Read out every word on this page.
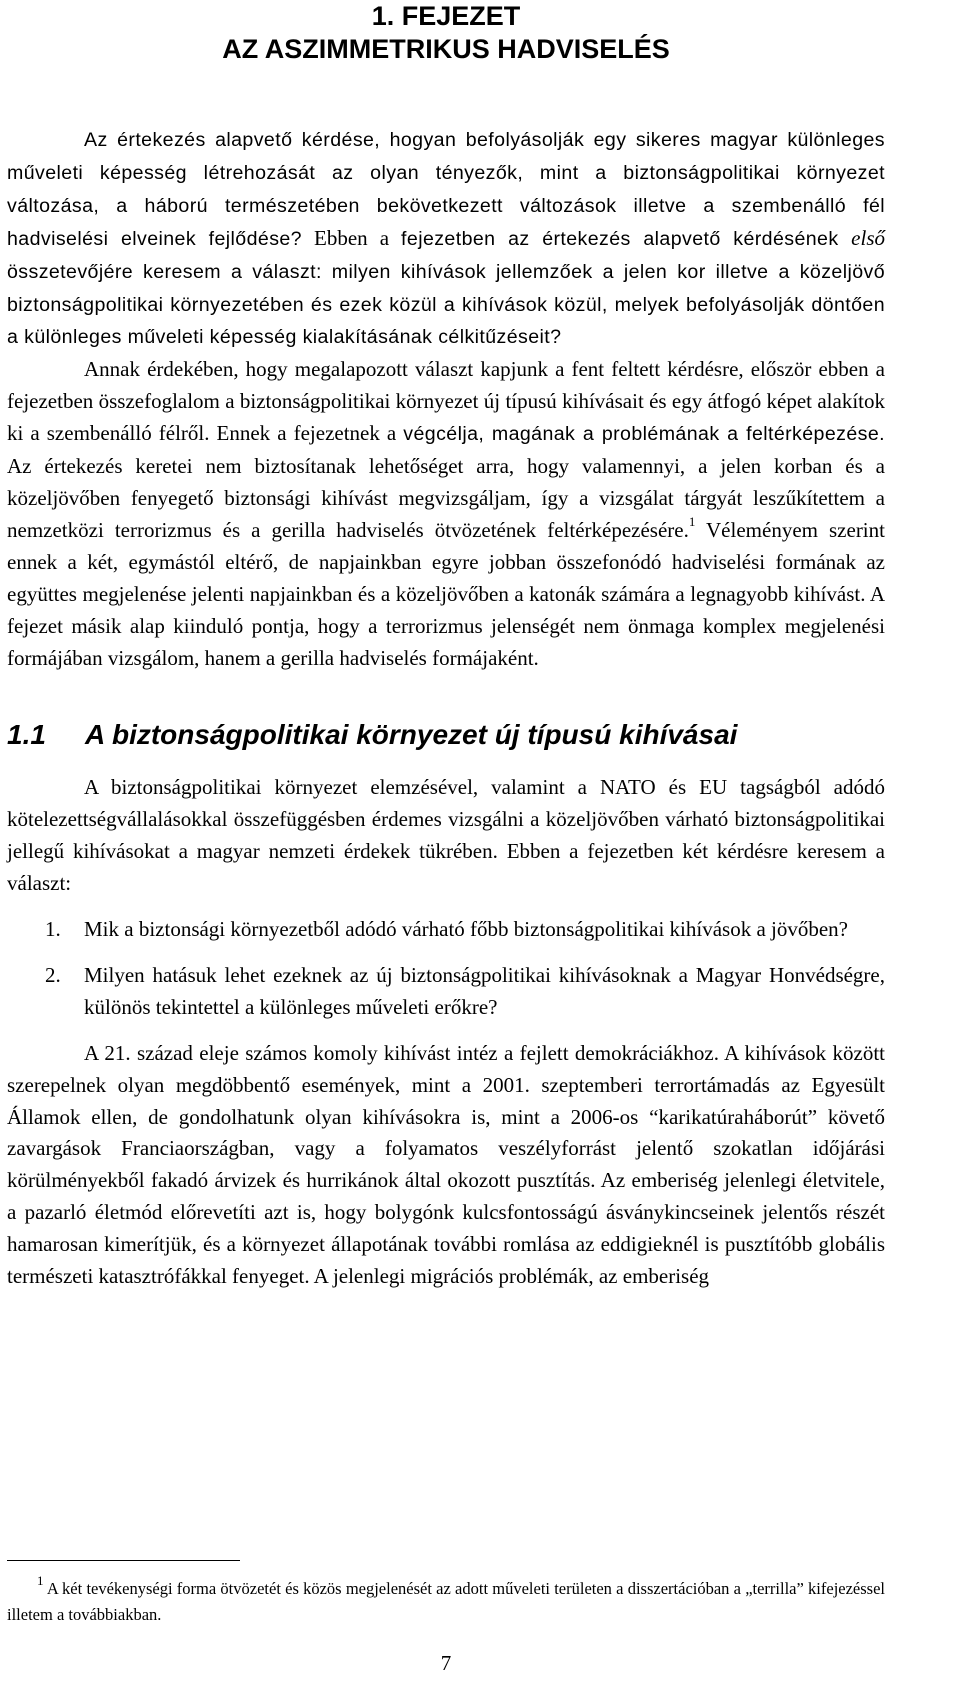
1. FEJEZET
AZ ASZIMMETRIKUS HADVISELÉS

Az értekezés alapvető kérdése, hogyan befolyásolják egy sikeres magyar különleges műveleti képesség létrehozását az olyan tényezők, mint a biztonságpolitikai környezet változása, a háború természetében bekövetkezett változások illetve a szembenálló fél hadviselési elveinek fejlődése? Ebben a fejezetben az értekezés alapvető kérdésének első összetevőjére keresem a választ: milyen kihívások jellemzőek a jelen kor illetve a közeljövő biztonságpolitikai környezetében és ezek közül a kihívások közül, melyek befolyásolják döntően a különleges műveleti képesség kialakításának célkitűzéseit?

Annak érdekében, hogy megalapozott választ kapjunk a fent feltett kérdésre, először ebben a fejezetben összefoglalom a biztonságpolitikai környezet új típusú kihívásait és egy átfogó képet alakítok ki a szembenálló félről. Ennek a fejezetnek a végcélja, magának a problémának a feltérképezése. Az értekezés keretei nem biztosítanak lehetőséget arra, hogy valamennyi, a jelen korban és a közeljövőben fenyegető biztonsági kihívást megvizsgáljam, így a vizsgálat tárgyát leszűkítettem a nemzetközi terrorizmus és a gerilla hadviselés ötvözetének feltérképezésére.$^1$ Véleményem szerint ennek a két, egymástól eltérő, de napjainkban egyre jobban összefonódó hadviselési formának az együttes megjelenése jelenti napjainkban és a közeljövőben a katonák számára a legnagyobb kihívást. A fejezet másik alap kiinduló pontja, hogy a terrorizmus jelenségét nem önmaga komplex megjelenési formájában vizsgálom, hanem a gerilla hadviselés formájaként.

1.1 A biztonságpolitikai környezet új típusú kihívásai

A biztonságpolitikai környezet elemzésével, valamint a NATO és EU tagságból adódó kötelezettségvállalásokkal összefüggésben érdemes vizsgálni a közeljövőben várható biztonságpolitikai jellegű kihívásokat a magyar nemzeti érdekek tükrében. Ebben a fejezetben két kérdésre keresem a választ:

1. Mik a biztonsági környezetből adódó várható főbb biztonságpolitikai kihívások a jövőben?
2. Milyen hatásuk lehet ezeknek az új biztonságpolitikai kihívásoknak a Magyar Honvédségre, különös tekintettel a különleges műveleti erőkre?

A 21. század eleje számos komoly kihívást intéz a fejlett demokráciákhoz. A kihívások között szerepelnek olyan megdöbbentő események, mint a 2001. szeptemberi terrortámadás az Egyesült Államok ellen, de gondolhatunk olyan kihívásokra is, mint a 2006-os “karikatúraháborút” követő zavargások Franciaországban, vagy a folyamatos veszélyforrást jelentő szokatlan időjárási körülményekből fakadó árvizek és hurrikánok által okozott pusztítás. Az emberiség jelenlegi életvitele, a pazarló életmód előrevetíti azt is, hogy bolygónk kulcsfontosságú ásványkincseinek jelentős részét hamarosan kimerítjük, és a környezet állapotának további romlása az eddigieknél is pusztítóbb globális természeti katasztrófákkal fenyeget. A jelenlegi migrációs problémák, az emberiség

$^1$ A két tevékenységi forma ötvözetét és közös megjelenését az adott műveleti területen a disszertációban a „terrilla” kifejezéssel illetem a továbbiakban.

7
